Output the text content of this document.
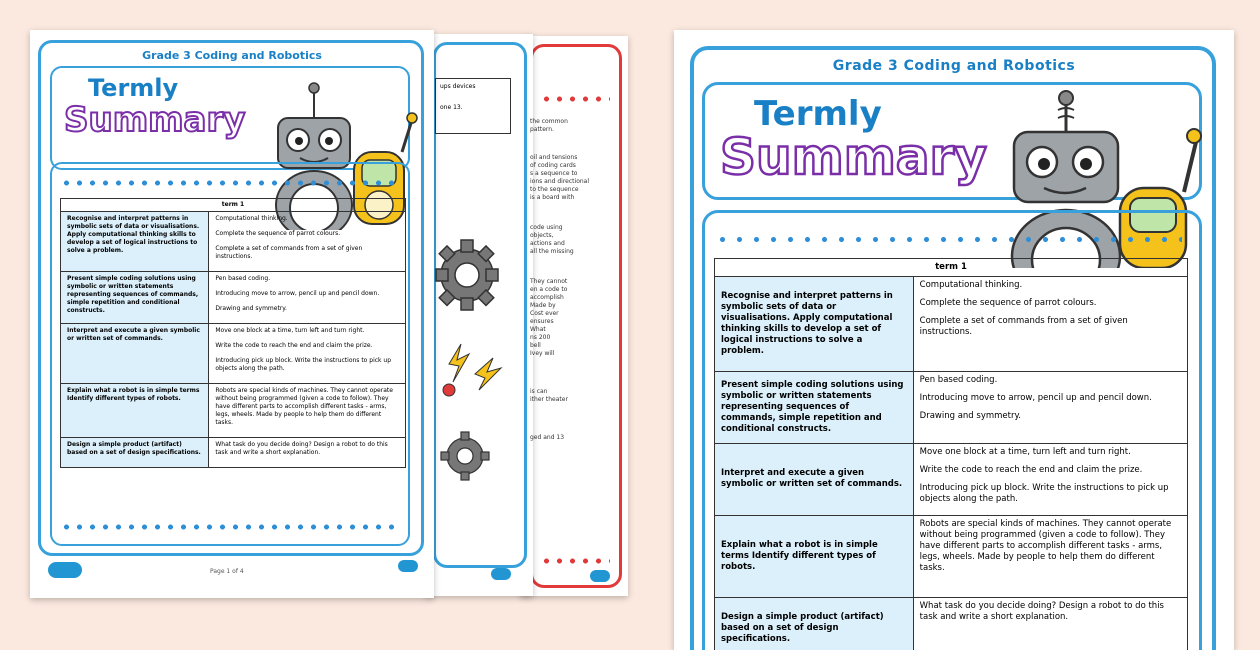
ups devices
one 13.
the common
pattern.
oil and tensions
of coding cards
s a sequence to
ions and directional
to the sequence
is a board with
code using
objects,
actions and
all the missing
They cannot
en a code to
accomplish
Made by
Cost ever
ensures
What
ns 200
bell
Ivey will
is can
ither theater
ged and 13
Grade 3 Coding and Robotics
Termly
Summary
term 1	
Recognise and interpret patterns in symbolic sets of data or visualisations. Apply computational thinking skills to develop a set of logical instructions to solve a problem.	Computational thinking.

Complete the sequence of parrot colours.

Complete a set of commands from a set of given instructions.

Present simple coding solutions using symbolic or written statements representing sequences of commands, simple repetition and conditional constructs.	Pen based coding.

Introducing move to arrow, pencil up and pencil down.

Drawing and symmetry.

Interpret and execute a given symbolic or written set of commands.	Move one block at a time, turn left and turn right.

Write the code to reach the end and claim the prize.

Introducing pick up block. Write the instructions to pick up objects along the path.

Explain what a robot is in simple terms Identify different types of robots.	Robots are special kinds of machines. They cannot operate without being programmed (given a code to follow). They have different parts to accomplish different tasks - arms, legs, wheels. Made by people to help them do different tasks.

Design a simple product (artifact) based on a set of design specifications.	What task do you decide doing? Design a robot to do this task and write a short explanation.

Page 1 of 4
Grade 3 Coding and Robotics
Termly
Summary
term 1	
Recognise and interpret patterns in symbolic sets of data or visualisations. Apply computational thinking skills to develop a set of logical instructions to solve a problem.	Computational thinking.

Complete the sequence of parrot colours.

Complete a set of commands from a set of given instructions.

Present simple coding solutions using symbolic or written statements representing sequences of commands, simple repetition and conditional constructs.	Pen based coding.

Introducing move to arrow, pencil up and pencil down.

Drawing and symmetry.

Interpret and execute a given symbolic or written set of commands.	Move one block at a time, turn left and turn right.

Write the code to reach the end and claim the prize.

Introducing pick up block. Write the instructions to pick up objects along the path.

Explain what a robot is in simple terms Identify different types of robots.	Robots are special kinds of machines. They cannot operate without being programmed (given a code to follow). They have different parts to accomplish different tasks - arms, legs, wheels. Made by people to help them do different tasks.

Design a simple product (artifact) based on a set of design specifications.	What task do you decide doing? Design a robot to do this task and write a short explanation.
